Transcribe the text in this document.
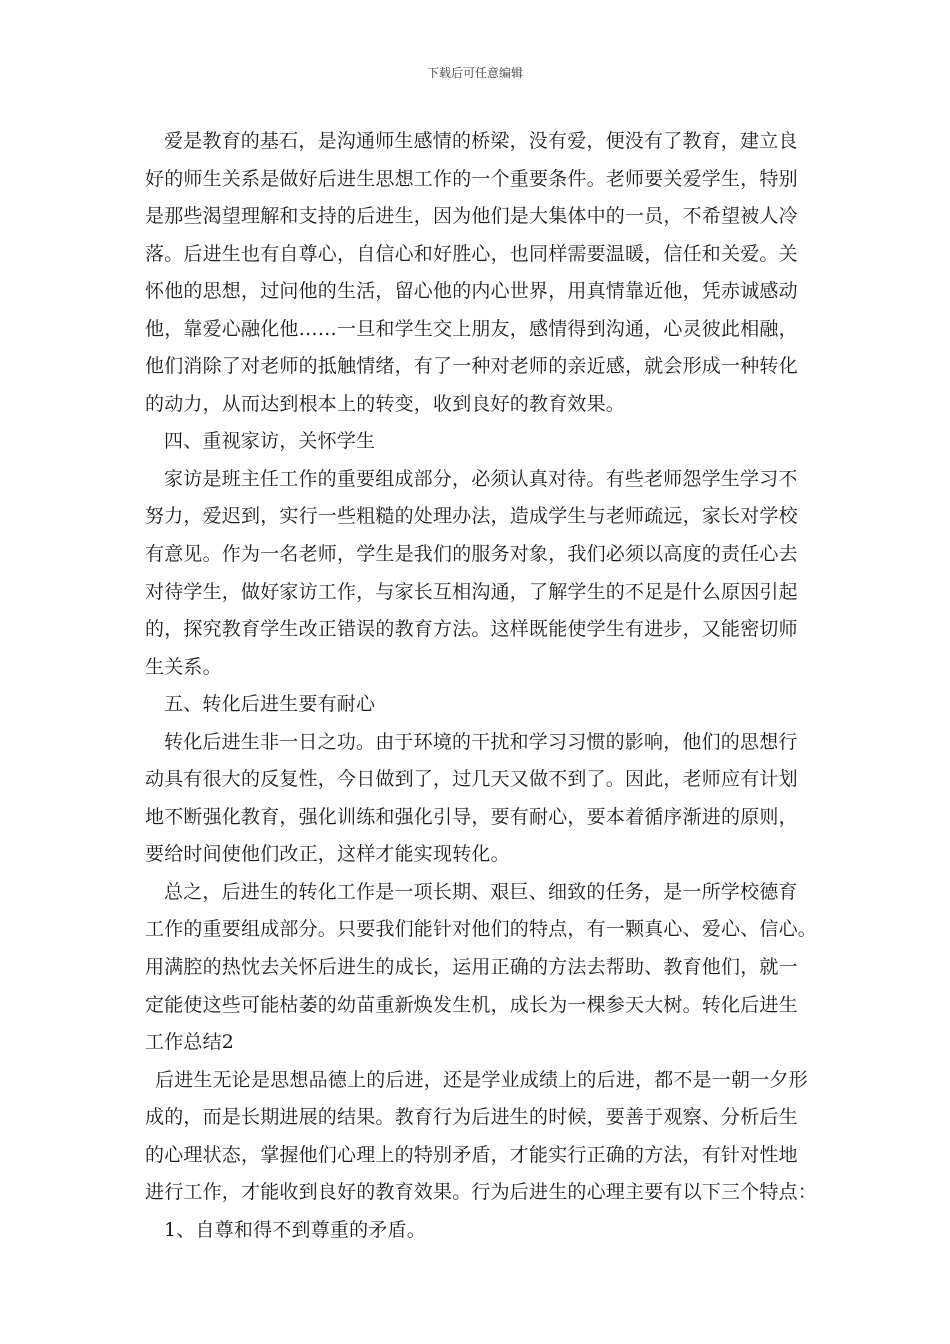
下载后可任意编辑
爱是教育的基石，是沟通师生感情的桥梁，没有爱，便没有了教育，建立良
好的师生关系是做好后进生思想工作的一个重要条件。老师要关爱学生，特别
是那些渴望理解和支持的后进生，因为他们是大集体中的一员，不希望被人冷
落。后进生也有自尊心，自信心和好胜心，也同样需要温暖，信任和关爱。关
怀他的思想，过问他的生活，留心他的内心世界，用真情靠近他，凭赤诚感动
他，靠爱心融化他……一旦和学生交上朋友，感情得到沟通，心灵彼此相融，
他们消除了对老师的抵触情绪，有了一种对老师的亲近感，就会形成一种转化
的动力，从而达到根本上的转变，收到良好的教育效果。
四、重视家访，关怀学生
家访是班主任工作的重要组成部分，必须认真对待。有些老师怨学生学习不
努力，爱迟到，实行一些粗糙的处理办法，造成学生与老师疏远，家长对学校
有意见。作为一名老师，学生是我们的服务对象，我们必须以高度的责任心去
对待学生，做好家访工作，与家长互相沟通，了解学生的不足是什么原因引起
的，探究教育学生改正错误的教育方法。这样既能使学生有进步，又能密切师
生关系。
五、转化后进生要有耐心
转化后进生非一日之功。由于环境的干扰和学习习惯的影响，他们的思想行
动具有很大的反复性，今日做到了，过几天又做不到了。因此，老师应有计划
地不断强化教育，强化训练和强化引导，要有耐心，要本着循序渐进的原则，
要给时间使他们改正，这样才能实现转化。
总之，后进生的转化工作是一项长期、艰巨、细致的任务，是一所学校德育
工作的重要组成部分。只要我们能针对他们的特点，有一颗真心、爱心、信心。
用满腔的热忱去关怀后进生的成长，运用正确的方法去帮助、教育他们，就一
定能使这些可能枯萎的幼苗重新焕发生机，成长为一棵参天大树。转化后进生
工作总结2
后进生无论是思想品德上的后进，还是学业成绩上的后进，都不是一朝一夕形
成的，而是长期进展的结果。教育行为后进生的时候，要善于观察、分析后生
的心理状态，掌握他们心理上的特别矛盾，才能实行正确的方法，有针对性地
进行工作，才能收到良好的教育效果。行为后进生的心理主要有以下三个特点：
1、自尊和得不到尊重的矛盾。
